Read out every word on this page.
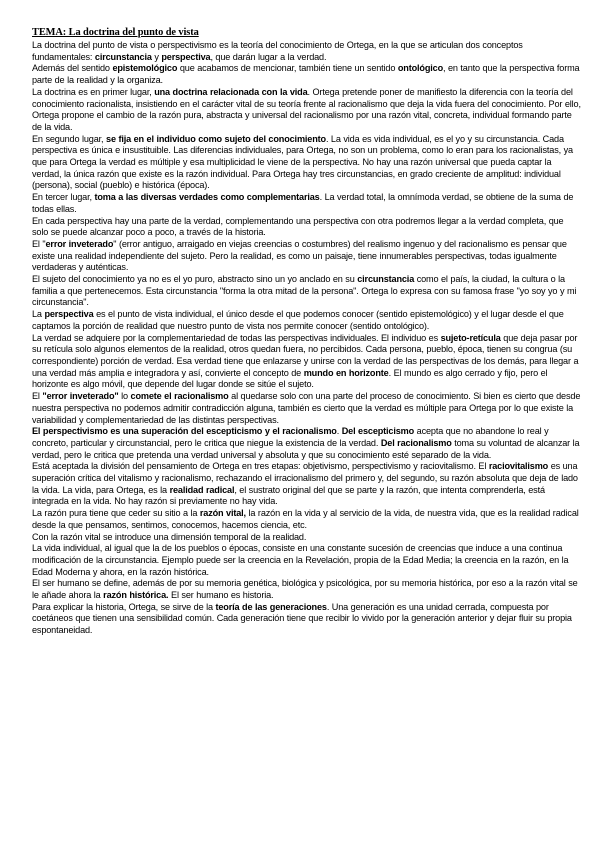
TEMA: La doctrina del punto de vista

La doctrina del punto de vista o perspectivismo es la teoría del conocimiento de Ortega, en la que se articulan dos conceptos fundamentales: circunstancia y perspectiva, que darán lugar a la verdad.

Además del sentido epistemológico que acabamos de mencionar, también tiene un sentido ontológico, en tanto que la perspectiva forma parte de la realidad y la organiza.

La doctrina es en primer lugar, una doctrina relacionada con la vida. Ortega pretende poner de manifiesto la diferencia con la teoría del conocimiento racionalista, insistiendo en el carácter vital de su teoría frente al racionalismo que deja la vida fuera del conocimiento. Por ello, Ortega propone el cambio de la razón pura, abstracta y universal del racionalismo por una razón vital, concreta, individual formando parte de la vida.

En segundo lugar, se fija en el individuo como sujeto del conocimiento. La vida es vida individual, es el yo y su circunstancia. Cada perspectiva es única e insustituible. Las diferencias individuales, para Ortega, no son un problema, como lo eran para los racionalistas, ya que para Ortega la verdad es múltiple y esa multiplicidad le viene de la perspectiva. No hay una razón universal que pueda captar la verdad, la única razón que existe es la razón individual. Para Ortega hay tres circunstancias, en grado creciente de amplitud: individual (persona), social (pueblo) e histórica (época).

En tercer lugar, toma a las diversas verdades como complementarias. La verdad total, la omnímoda verdad, se obtiene de la suma de todas ellas.

En cada perspectiva hay una parte de la verdad, complementando una perspectiva con otra podremos llegar a la verdad completa, que solo se puede alcanzar poco a poco, a través de la historia.

El "error inveterado" (error antiguo, arraigado en viejas creencias o costumbres) del realismo ingenuo y del racionalismo es pensar que existe una realidad independiente del sujeto. Pero la realidad, es como un paisaje, tiene innumerables perspectivas, todas igualmente verdaderas y auténticas.

El sujeto del conocimiento ya no es el yo puro, abstracto sino un yo anclado en su circunstancia como el país, la ciudad, la cultura o la familia a que pertenecemos. Esta circunstancia "forma la otra mitad de la persona". Ortega lo expresa con su famosa frase "yo soy yo y mi circunstancia".

La perspectiva es el punto de vista individual, el único desde el que podemos conocer (sentido epistemológico) y el lugar desde el que captamos la porción de realidad que nuestro punto de vista nos permite conocer (sentido ontológico).

La verdad se adquiere por la complementariedad de todas las perspectivas individuales. El individuo es sujeto-retícula que deja pasar por su retícula solo algunos elementos de la realidad, otros quedan fuera, no percibidos. Cada persona, pueblo, época, tienen su congrua (su correspondiente) porción de verdad. Esa verdad tiene que enlazarse y unirse con la verdad de las perspectivas de los demás, para llegar a una verdad más amplia e integradora y así, convierte el concepto de mundo en horizonte. El mundo es algo cerrado y fijo, pero el horizonte es algo móvil, que depende del lugar donde se sitúe el sujeto.

El "error inveterado" lo comete el racionalismo al quedarse solo con una parte del proceso de conocimiento. Si bien es cierto que desde nuestra perspectiva no podemos admitir contradicción alguna, también es cierto que la verdad es múltiple para Ortega por lo que existe la variabilidad y complementariedad de las distintas perspectivas.

El perspectivismo es una superación del escepticismo y el racionalismo. Del escepticismo acepta que no abandone lo real y concreto, particular y circunstancial, pero le critica que niegue la existencia de la verdad. Del racionalismo toma su voluntad de alcanzar la verdad, pero le critica que pretenda una verdad universal y absoluta y que su conocimiento esté separado de la vida.

Está aceptada la división del pensamiento de Ortega en tres etapas: objetivismo, perspectivismo y raciovitalismo. El raciovitalismo es una superación crítica del vitalismo y racionalismo, rechazando el irracionalismo del primero y, del segundo, su razón absoluta que deja de lado la vida. La vida, para Ortega, es la realidad radical, el sustrato original del que se parte y la razón, que intenta comprenderla, está integrada en la vida. No hay razón si previamente no hay vida.

La razón pura tiene que ceder su sitio a la razón vital, la razón en la vida y al servicio de la vida, de nuestra vida, que es la realidad radical desde la que pensamos, sentimos, conocemos, hacemos ciencia, etc.

Con la razón vital se introduce una dimensión temporal de la realidad.

La vida individual, al igual que la de los pueblos o épocas, consiste en una constante sucesión de creencias que induce a una continua modificación de la circunstancia. Ejemplo puede ser la creencia en la Revelación, propia de la Edad Media; la creencia en la razón, en la Edad Moderna y ahora, en la razón histórica.

El ser humano se define, además de por su memoria genética, biológica y psicológica, por su memoria histórica, por eso a la razón vital se le añade ahora la razón histórica. El ser humano es historia.

Para explicar la historia, Ortega, se sirve de la teoría de las generaciones. Una generación es una unidad cerrada, compuesta por coetáneos que tienen una sensibilidad común. Cada generación tiene que recibir lo vivido por la generación anterior y dejar fluir su propia espontaneidad.
